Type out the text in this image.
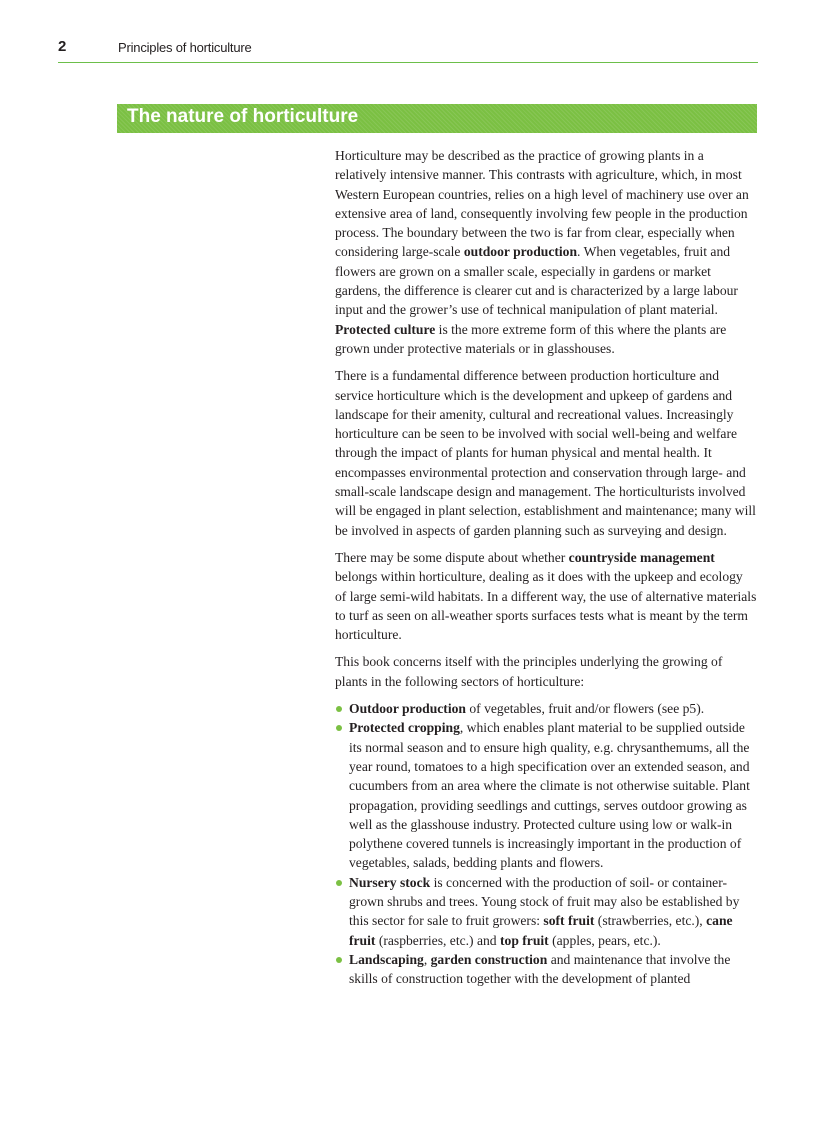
2	Principles of horticulture
The nature of horticulture

Horticulture may be described as the practice of growing plants in a relatively intensive manner. This contrasts with agriculture, which, in most Western European countries, relies on a high level of machinery use over an extensive area of land, consequently involving few people in the production process. The boundary between the two is far from clear, especially when considering large-scale outdoor production. When vegetables, fruit and flowers are grown on a smaller scale, especially in gardens or market gardens, the difference is clearer cut and is characterized by a large labour input and the grower’s use of technical manipulation of plant material. Protected culture is the more extreme form of this where the plants are grown under protective materials or in glasshouses.

There is a fundamental difference between production horticulture and service horticulture which is the development and upkeep of gardens and landscape for their amenity, cultural and recreational values. Increasingly horticulture can be seen to be involved with social well-being and welfare through the impact of plants for human physical and mental health. It encompasses environmental protection and conservation through large- and small-scale landscape design and management. The horticulturists involved will be engaged in plant selection, establishment and maintenance; many will be involved in aspects of garden planning such as surveying and design.

There may be some dispute about whether countryside management belongs within horticulture, dealing as it does with the upkeep and ecology of large semi-wild habitats. In a different way, the use of alternative materials to turf as seen on all-weather sports surfaces tests what is meant by the term horticulture.

This book concerns itself with the principles underlying the growing of plants in the following sectors of horticulture:

Outdoor production of vegetables, fruit and/or flowers (see p5).
Protected cropping, which enables plant material to be supplied outside its normal season and to ensure high quality, e.g. chrysanthemums, all the year round, tomatoes to a high specification over an extended season, and cucumbers from an area where the climate is not otherwise suitable. Plant propagation, providing seedlings and cuttings, serves outdoor growing as well as the glasshouse industry. Protected culture using low or walk-in polythene covered tunnels is increasingly important in the production of vegetables, salads, bedding plants and flowers.
Nursery stock is concerned with the production of soil- or container-grown shrubs and trees. Young stock of fruit may also be established by this sector for sale to fruit growers: soft fruit (strawberries, etc.), cane fruit (raspberries, etc.) and top fruit (apples, pears, etc.).
Landscaping, garden construction and maintenance that involve the skills of construction together with the development of planted
